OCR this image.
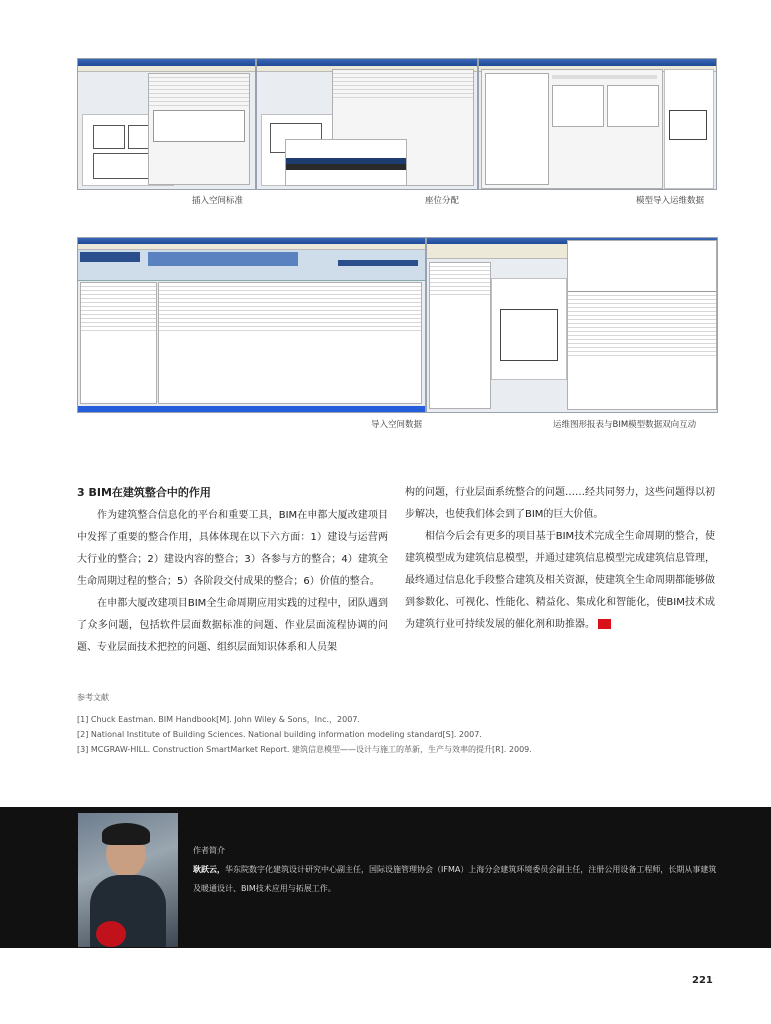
插入空间标准	座位分配	模型导入运维数据
导入空间数据	运维图形报表与BIM模型数据双向互动
3 BIM在建筑整合中的作用
作为建筑整合信息化的平台和重要工具，BIM在申都大厦改建项目中发挥了重要的整合作用，具体体现在以下六方面：1）建设与运营两大行业的整合；2）建设内容的整合；3）各参与方的整合；4）建筑全生命周期过程的整合；5）各阶段交付成果的整合；6）价值的整合。
在申都大厦改建项目BIM全生命周期应用实践的过程中，团队遇到了众多问题，包括软件层面数据标准的问题、作业层面流程协调的问题、专业层面技术把控的问题、组织层面知识体系和人员架
构的问题，行业层面系统整合的问题……经共同努力，这些问题得以初步解决，也使我们体会到了BIM的巨大价值。
相信今后会有更多的项目基于BIM技术完成全生命周期的整合，使建筑模型成为建筑信息模型，并通过建筑信息模型完成建筑信息管理，最终通过信息化手段整合建筑及相关资源，使建筑全生命周期都能够做到参数化、可视化、性能化、精益化、集成化和智能化，使BIM技术成为建筑行业可持续发展的催化剂和助推器。	AT
参考文献
[1] Chuck Eastman. BIM Handbook[M]. John Wiley & Sons，Inc.，2007.
[2] National Institute of Building Sciences. National building information modeling standard[S]. 2007.
[3] MCGRAW-HILL. Construction SmartMarket Report. 建筑信息模型——设计与施工的革新，生产与效率的提升[R]. 2009.
作者简介
耿跃云，华东院数字化建筑设计研究中心副主任，国际设施管理协会（IFMA）上海分会建筑环境委员会副主任，注册公用设备工程师，长期从事建筑及暖通设计、BIM技术应用与拓展工作。
221
